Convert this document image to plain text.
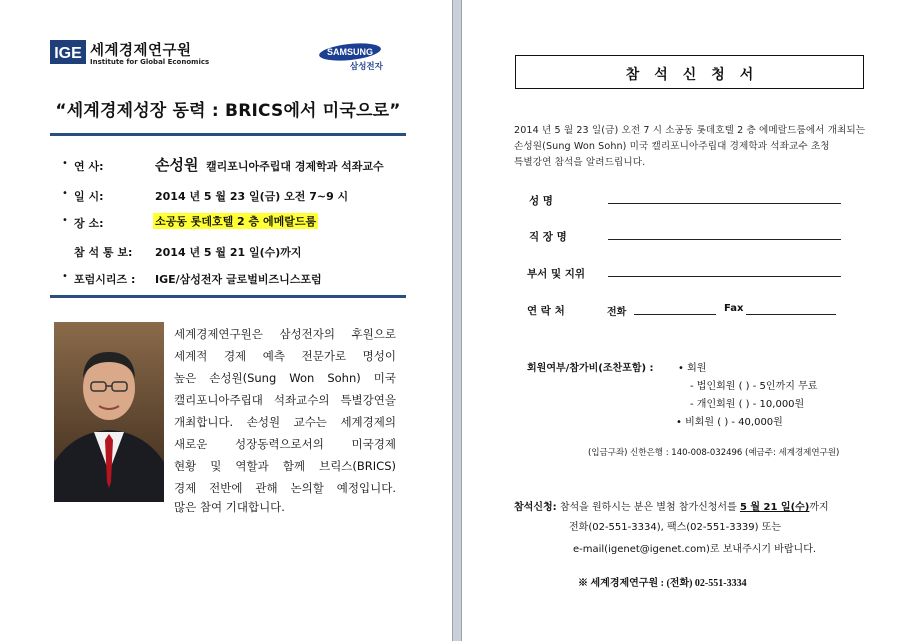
IGE 세계경제연구원
Institute for Global Economics
SAMSUNG
삼성전자
“세계경제성장 동력 : BRICS에서 미국으로”
• 연 사:	손성원 캘리포니아주립대 경제학과 석좌교수
• 일 시:	2014 년 5 월 23 일(금) 오전 7~9 시
• 장 소:	소공동 롯데호텔 2 층 에메랄드룸
참 석 통 보: 2014 년 5 월 21 일(수)까지
• 포럼시리즈 : IGE/삼성전자 글로벌비즈니스포럼
세계경제연구원은 삼성전자의 후원으로
세계적 경제 예측 전문가로 명성이
높은 손성원(Sung Won Sohn) 미국
캘리포니아주립대 석좌교수의 특별강연을
개최합니다. 손성원 교수는 세계경제의
새로운 성장동력으로서의 미국경제
현황 및 역할과 함께 브릭스(BRICS)
경제 전반에 관해 논의할 예정입니다.
많은 참여 기대합니다.
참석신청서
2014 년 5 월 23 일(금) 오전 7 시 소공동 롯데호텔 2 층 에메랄드룸에서 개최되는
손성원(Sung Won Sohn) 미국 캘리포니아주립대 경제학과 석좌교수 초청
특별강연 참석을 알려드립니다.
성 명
직 장 명
부서 및 지위
연 락 처	전화	Fax
회원여부/참가비(조찬포함) : • 회원
- 법인회원 ( ) - 5인까지 무료
- 개인회원 ( ) - 10,000원
• 비회원 ( ) - 40,000원
(입금구좌) 신한은행 : 140-008-032496 (예금주: 세계경제연구원)
참석신청: 참석을 원하시는 분은 별첨 참가신청서를 5 월 21 일(수)까지
전화(02-551-3334), 팩스(02-551-3339) 또는
e-mail(igenet@igenet.com)로 보내주시기 바랍니다.
※ 세계경제연구원 : (전화) 02-551-3334
